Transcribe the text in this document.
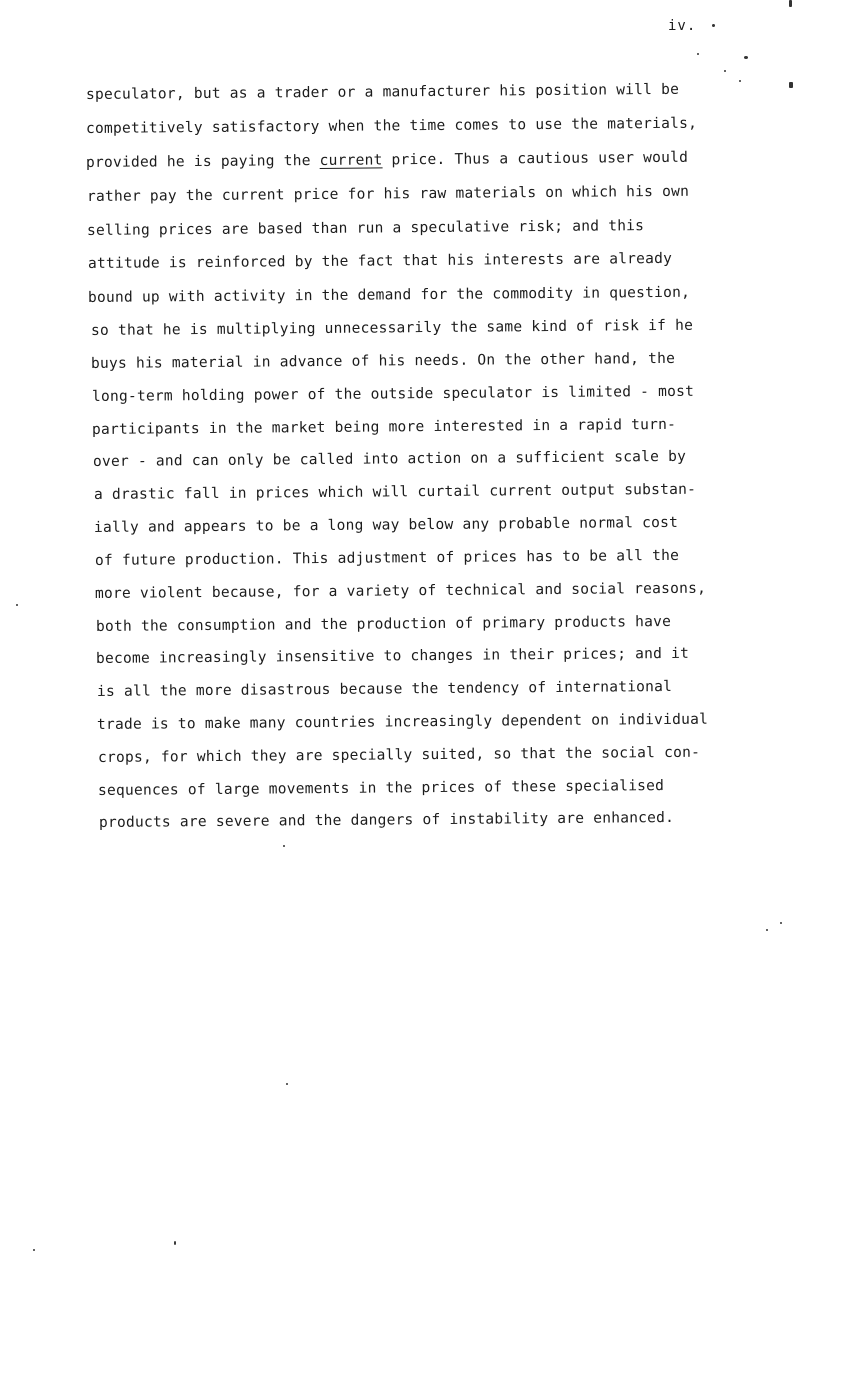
iv.
speculator, but as a trader or a manufacturer his position will be
competitively satisfactory when the time comes to use the materials,
provided he is paying the current price. Thus a cautious user would
rather pay the current price for his raw materials on which his own
selling prices are based than run a speculative risk; and this
attitude is reinforced by the fact that his interests are already
bound up with activity in the demand for the commodity in question,
so that he is multiplying unnecessarily the same kind of risk if he
buys his material in advance of his needs. On the other hand, the
long-term holding power of the outside speculator is limited - most
participants in the market being more interested in a rapid turn-
over - and can only be called into action on a sufficient scale by
a drastic fall in prices which will curtail current output substan-
ially and appears to be a long way below any probable normal cost
of future production. This adjustment of prices has to be all the
more violent because, for a variety of technical and social reasons,
both the consumption and the production of primary products have
become increasingly insensitive to changes in their prices; and it
is all the more disastrous because the tendency of international
trade is to make many countries increasingly dependent on individual
crops, for which they are specially suited, so that the social con-
sequences of large movements in the prices of these specialised
products are severe and the dangers of instability are enhanced.
